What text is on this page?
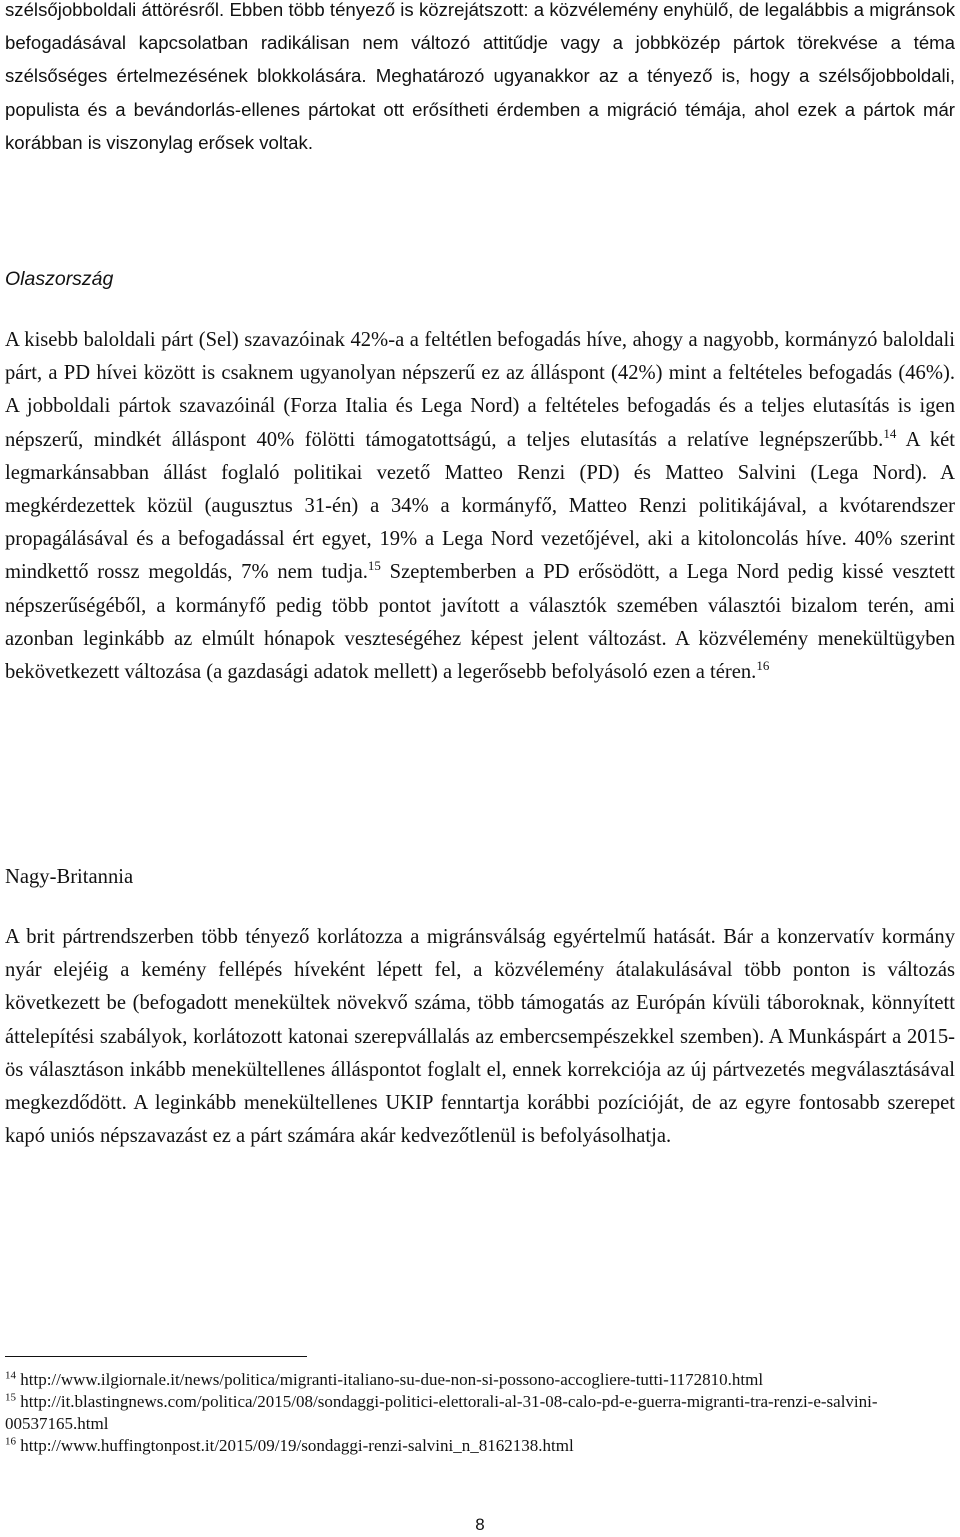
szélsőjobboldali áttörésről. Ebben több tényező is közrejátszott: a közvélemény enyhülő, de legalábbis a migránsok befogadásával kapcsolatban radikálisan nem változó attitűdje vagy a jobbközép pártok törekvése a téma szélsőséges értelmezésének blokkolására. Meghatározó ugyanakkor az a tényező is, hogy a szélsőjobboldali, populista és a bevándorlás-ellenes pártokat ott erősítheti érdemben a migráció témája, ahol ezek a pártok már korábban is viszonylag erősek voltak.

Olaszország

A kisebb baloldali párt (Sel) szavazóinak 42%-a a feltétlen befogadás híve, ahogy a nagyobb, kormányzó baloldali párt, a PD hívei között is csaknem ugyanolyan népszerű ez az álláspont (42%) mint a feltételes befogadás (46%). A jobboldali pártok szavazóinál (Forza Italia és Lega Nord) a feltételes befogadás és a teljes elutasítás is igen népszerű, mindkét álláspont 40% fölötti támogatottságú, a teljes elutasítás a relatíve legnépszerűbb.$^{14}$ A két legmarkánsabban állást foglaló politikai vezető Matteo Renzi (PD) és Matteo Salvini (Lega Nord). A megkérdezettek közül (augusztus 31-én) a 34% a kormányfő, Matteo Renzi politikájával, a kvótarendszer propagálásával és a befogadással ért egyet, 19% a Lega Nord vezetőjével, aki a kitoloncolás híve. 40% szerint mindkettő rossz megoldás, 7% nem tudja.$^{15}$ Szeptemberben a PD erősödött, a Lega Nord pedig kissé vesztett népszerűségéből, a kormányfő pedig több pontot javított a választók szemében választói bizalom terén, ami azonban leginkább az elmúlt hónapok veszteségéhez képest jelent változást. A közvélemény menekültügyben bekövetkezett változása (a gazdasági adatok mellett) a legerősebb befolyásoló ezen a téren.$^{16}$

Nagy-Britannia

A brit pártrendszerben több tényező korlátozza a migránsválság egyértelmű hatását. Bár a konzervatív kormány nyár elejéig a kemény fellépés híveként lépett fel, a közvélemény átalakulásával több ponton is változás következett be (befogadott menekültek növekvő száma, több támogatás az Európán kívüli táboroknak, könnyített áttelepítési szabályok, korlátozott katonai szerepvállalás az embercsempészekkel szemben). A Munkáspárt a 2015-ös választáson inkább menekültellenes álláspontot foglalt el, ennek korrekciója az új pártvezetés megválasztásával megkezdődött. A leginkább menekültellenes UKIP fenntartja korábbi pozícióját, de az egyre fontosabb szerepet kapó uniós népszavazást ez a párt számára akár kedvezőtlenül is befolyásolhatja.

$^{14}$ http://www.ilgiornale.it/news/politica/migranti-italiano-su-due-non-si-possono-accogliere-tutti-1172810.html

$^{15}$ http://it.blastingnews.com/politica/2015/08/sondaggi-politici-elettorali-al-31-08-calo-pd-e-guerra-migranti-tra-renzi-e-salvini-00537165.html

$^{16}$ http://www.huffingtonpost.it/2015/09/19/sondaggi-renzi-salvini_n_8162138.html

8
